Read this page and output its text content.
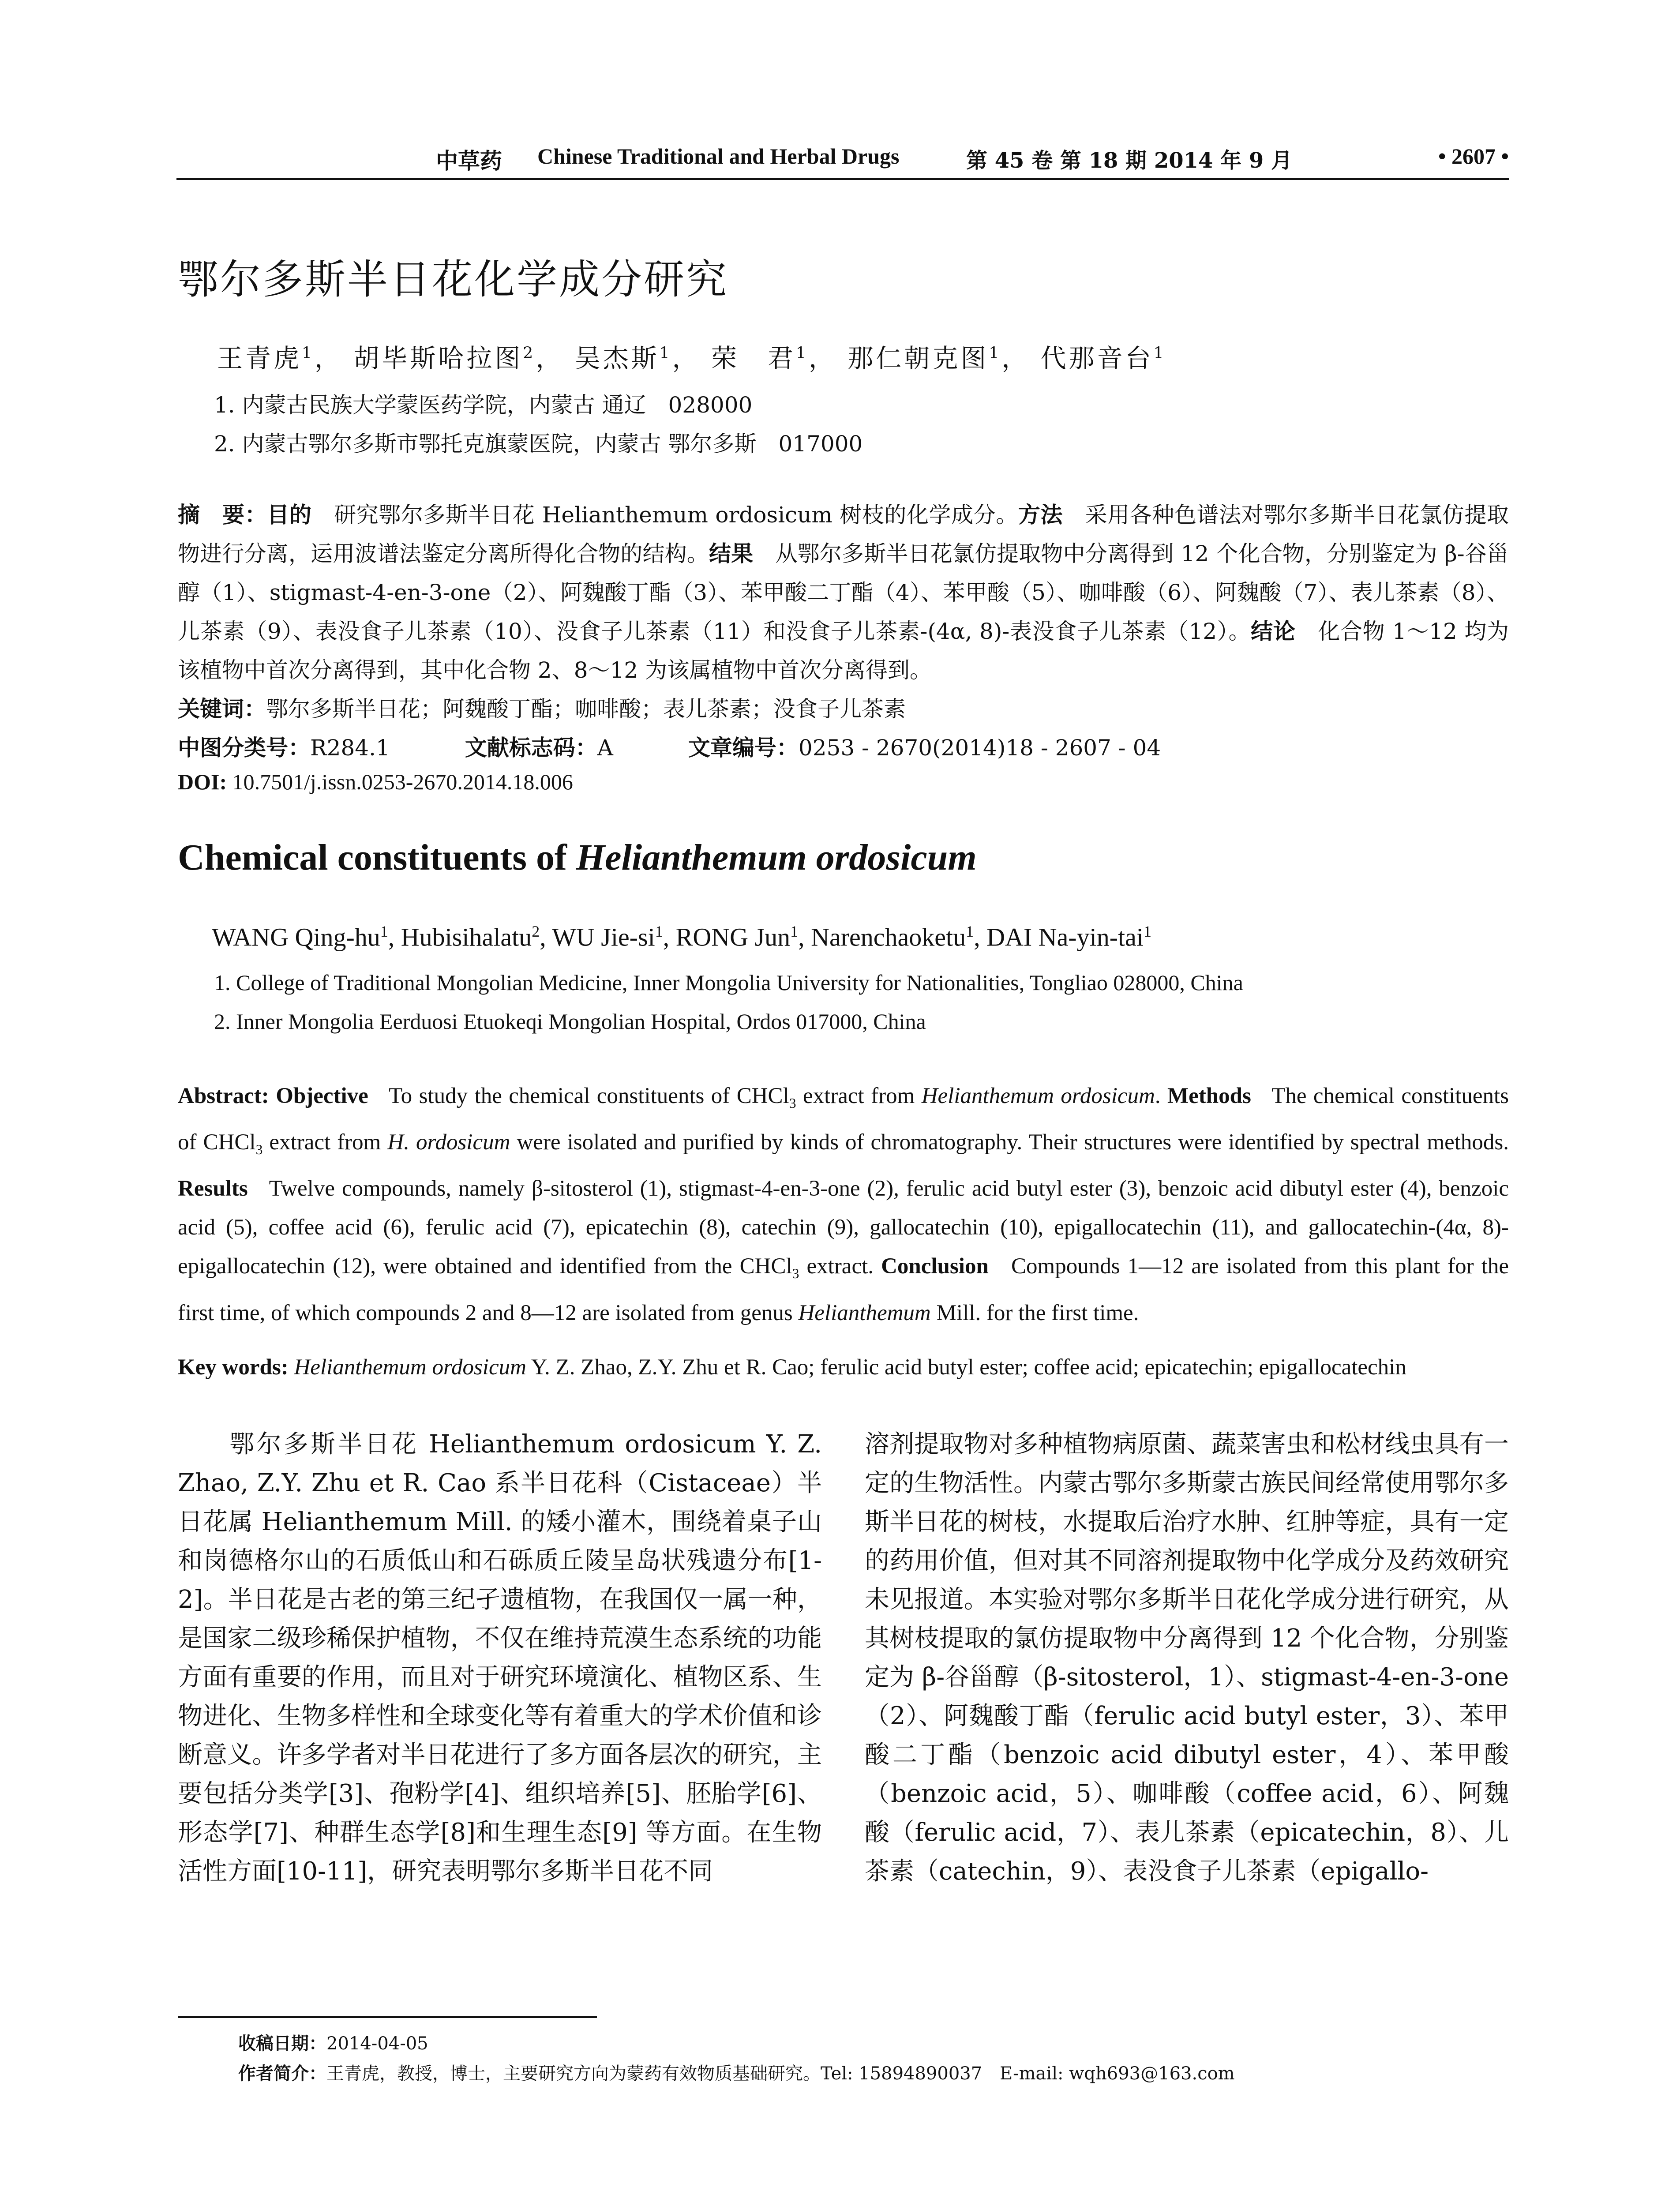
中草药 Chinese Traditional and Herbal Drugs	第 45 卷 第 18 期 2014 年 9 月	• 2607 •
鄂尔多斯半日花化学成分研究
王青虎$^1$， 胡毕斯哈拉图$^2$， 吴杰斯$^1$， 荣　君$^1$， 那仁朝克图$^1$， 代那音台$^1$
1. 内蒙古民族大学蒙医药学院，内蒙古 通辽　028000
2. 内蒙古鄂尔多斯市鄂托克旗蒙医院，内蒙古 鄂尔多斯　017000
摘　要：目的　 研究鄂尔多斯半日花 Helianthemum ordosicum 树枝的化学成分。方法　 采用各种色谱法对鄂尔多斯半日花氯仿提取物进行分离，运用波谱法鉴定分离所得化合物的结构。结果　 从鄂尔多斯半日花氯仿提取物中分离得到 12 个化合物，分别鉴定为 β-谷甾醇（1）、stigmast-4-en-3-one（2）、阿魏酸丁酯（3）、苯甲酸二丁酯（4）、苯甲酸（5）、咖啡酸（6）、阿魏酸（7）、表儿茶素（8）、儿茶素（9）、表没食子儿茶素（10）、没食子儿茶素（11）和没食子儿茶素-(4α, 8)-表没食子儿茶素（12）。结论　 化合物 1～12 均为该植物中首次分离得到，其中化合物 2、8～12 为该属植物中首次分离得到。
关键词：鄂尔多斯半日花；阿魏酸丁酯；咖啡酸；表儿茶素；没食子儿茶素
中图分类号：R284.1	文献标志码：A	文章编号：0253 - 2670(2014)18 - 2607 - 04
DOI: 10.7501/j.issn.0253-2670.2014.18.006
Chemical constituents of Helianthemum ordosicum
WANG Qing-$hu^1$, Hubisihalatu$^2$, WU Jie-$si^1$, RONG Jun$^1$, Narenchaoketu$^1$, DAI Na-yin-tai$^1$
1. College of Traditional Mongolian Medicine, Inner Mongolia University for Nationalities, Tongliao 028000, China
2. Inner Mongolia Eerduosi Etuokeqi Mongolian Hospital, Ordos 017000, China
Abstract: Objective To study the chemical constituents of CHCl$_3$ extract from Helianthemum ordosicum. Methods The chemical constituents of CHCl$_3$ extract from H. ordosicum were isolated and purified by kinds of chromatography. Their structures were identified by spectral methods. Results Twelve compounds, namely β-sitosterol (1), stigmast-4-en-3-one (2), ferulic acid butyl ester (3), benzoic acid dibutyl ester (4), benzoic acid (5), coffee acid (6), ferulic acid (7), epicatechin (8), catechin (9), gallocatechin (10), epigallocatechin (11), and gallocatechin-(4α, 8)-epigallocatechin (12), were obtained and identified from the CHCl$_3$ extract. Conclusion Compounds 1—12 are isolated from this plant for the first time, of which compounds 2 and 8—12 are isolated from genus Helianthemum Mill. for the first time.
Key words: Helianthemum ordosicum Y. Z. Zhao, Z.Y. Zhu et R. Cao; ferulic acid butyl ester; coffee acid; epicatechin; epigallocatechin
鄂尔多斯半日花 Helianthemum ordosicum Y. Z. Zhao, Z.Y. Zhu et R. Cao 系半日花科（Cistaceae）半日花属 Helianthemum Mill. 的矮小灌木，围绕着桌子山和岗德格尔山的石质低山和石砾质丘陵呈岛状残遗分布[1-2]。半日花是古老的第三纪孑遗植物，在我国仅一属一种，是国家二级珍稀保护植物，不仅在维持荒漠生态系统的功能方面有重要的作用，而且对于研究环境演化、植物区系、生物进化、生物多样性和全球变化等有着重大的学术价值和诊断意义。许多学者对半日花进行了多方面各层次的研究，主要包括分类学[3]、孢粉学[4]、组织培养[5]、胚胎学[6]、形态学[7]、种群生态学[8]和生理生态[9] 等方面。在生物活性方面[10-11]，研究表明鄂尔多斯半日花不同
溶剂提取物对多种植物病原菌、蔬菜害虫和松材线虫具有一定的生物活性。内蒙古鄂尔多斯蒙古族民间经常使用鄂尔多斯半日花的树枝，水提取后治疗水肿、红肿等症，具有一定的药用价值，但对其不同溶剂提取物中化学成分及药效研究未见报道。本实验对鄂尔多斯半日花化学成分进行研究，从其树枝提取的氯仿提取物中分离得到 12 个化合物，分别鉴定为 β-谷甾醇（β-sitosterol，1）、stigmast-4-en-3-one（2）、阿魏酸丁酯（ferulic acid butyl ester，3）、苯甲酸二丁酯（benzoic acid dibutyl ester，4）、苯甲酸（benzoic acid，5）、咖啡酸（coffee acid，6）、阿魏酸（ferulic acid，7）、表儿茶素（epicatechin，8）、儿茶素（catechin，9）、表没食子儿茶素（epigallo-
收稿日期：2014-04-05
作者简介：王青虎，教授，博士，主要研究方向为蒙药有效物质基础研究。Tel: 15894890037　E-mail: wqh693@163.com
